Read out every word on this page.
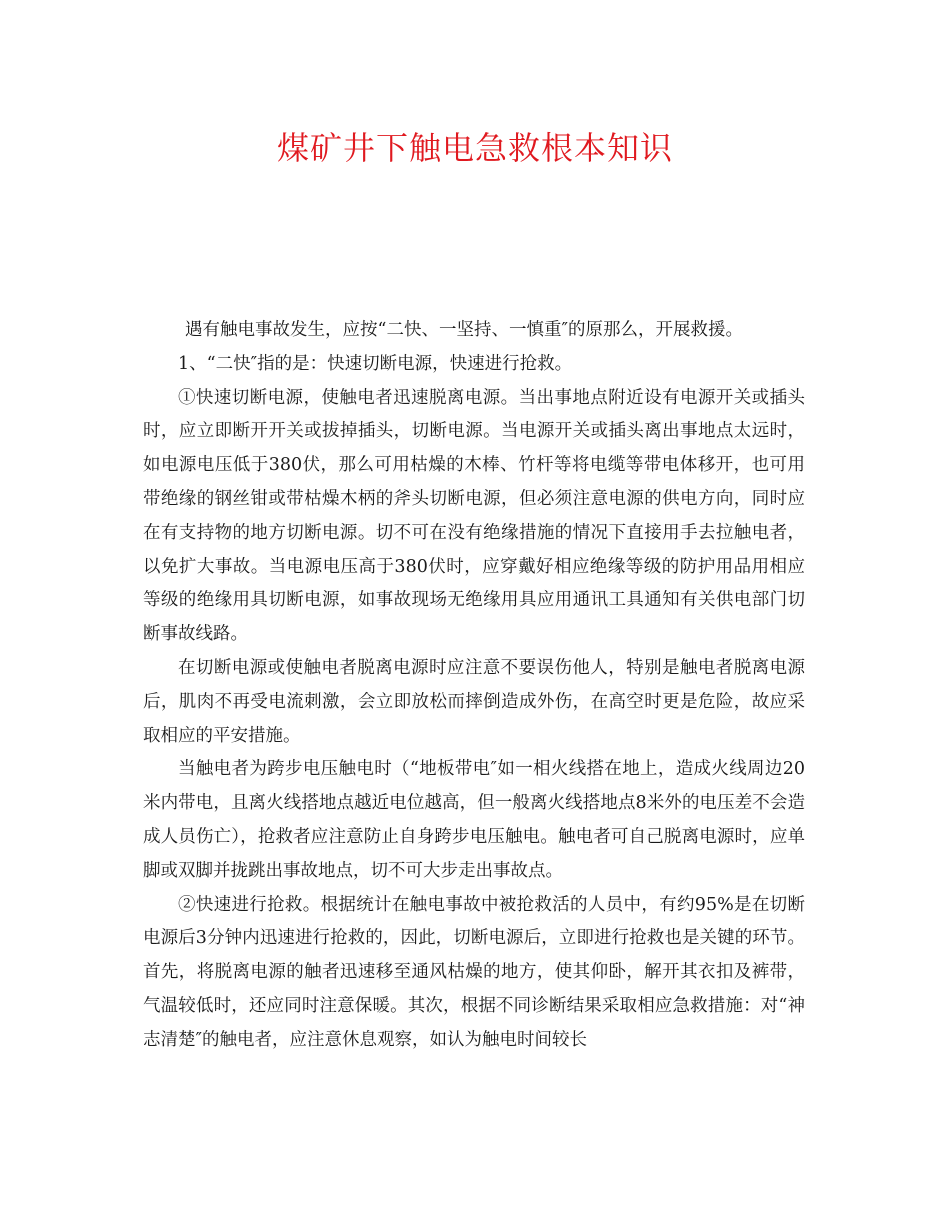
煤矿井下触电急救根本知识

遇有触电事故发生，应按“二快、一坚持、一慎重″的原那么，开展救援。

1、“二快″指的是：快速切断电源，快速进行抢救。

①快速切断电源，使触电者迅速脱离电源。当出事地点附近设有电源开关或插头时，应立即断开开关或拔掉插头，切断电源。当电源开关或插头离出事地点太远时，如电源电压低于380伏，那么可用枯燥的木棒、竹杆等将电缆等带电体移开，也可用带绝缘的钢丝钳或带枯燥木柄的斧头切断电源，但必须注意电源的供电方向，同时应在有支持物的地方切断电源。切不可在没有绝缘措施的情况下直接用手去拉触电者，以免扩大事故。当电源电压高于380伏时，应穿戴好相应绝缘等级的防护用品用相应等级的绝缘用具切断电源，如事故现场无绝缘用具应用通讯工具通知有关供电部门切断事故线路。

在切断电源或使触电者脱离电源时应注意不要误伤他人，特别是触电者脱离电源后，肌肉不再受电流刺激，会立即放松而摔倒造成外伤，在高空时更是危险，故应采取相应的平安措施。

当触电者为跨步电压触电时（“地板带电″如一相火线搭在地上，造成火线周边20米内带电，且离火线搭地点越近电位越高，但一般离火线搭地点8米外的电压差不会造成人员伤亡），抢救者应注意防止自身跨步电压触电。触电者可自己脱离电源时，应单脚或双脚并拢跳出事故地点，切不可大步走出事故点。

②快速进行抢救。根据统计在触电事故中被抢救活的人员中，有约95%是在切断电源后3分钟内迅速进行抢救的，因此，切断电源后，立即进行抢救也是关键的环节。首先，将脱离电源的触者迅速移至通风枯燥的地方，使其仰卧，解开其衣扣及裤带，气温较低时，还应同时注意保暖。其次，根据不同诊断结果采取相应急救措施：对“神志清楚″的触电者，应注意休息观察，如认为触电时间较长
